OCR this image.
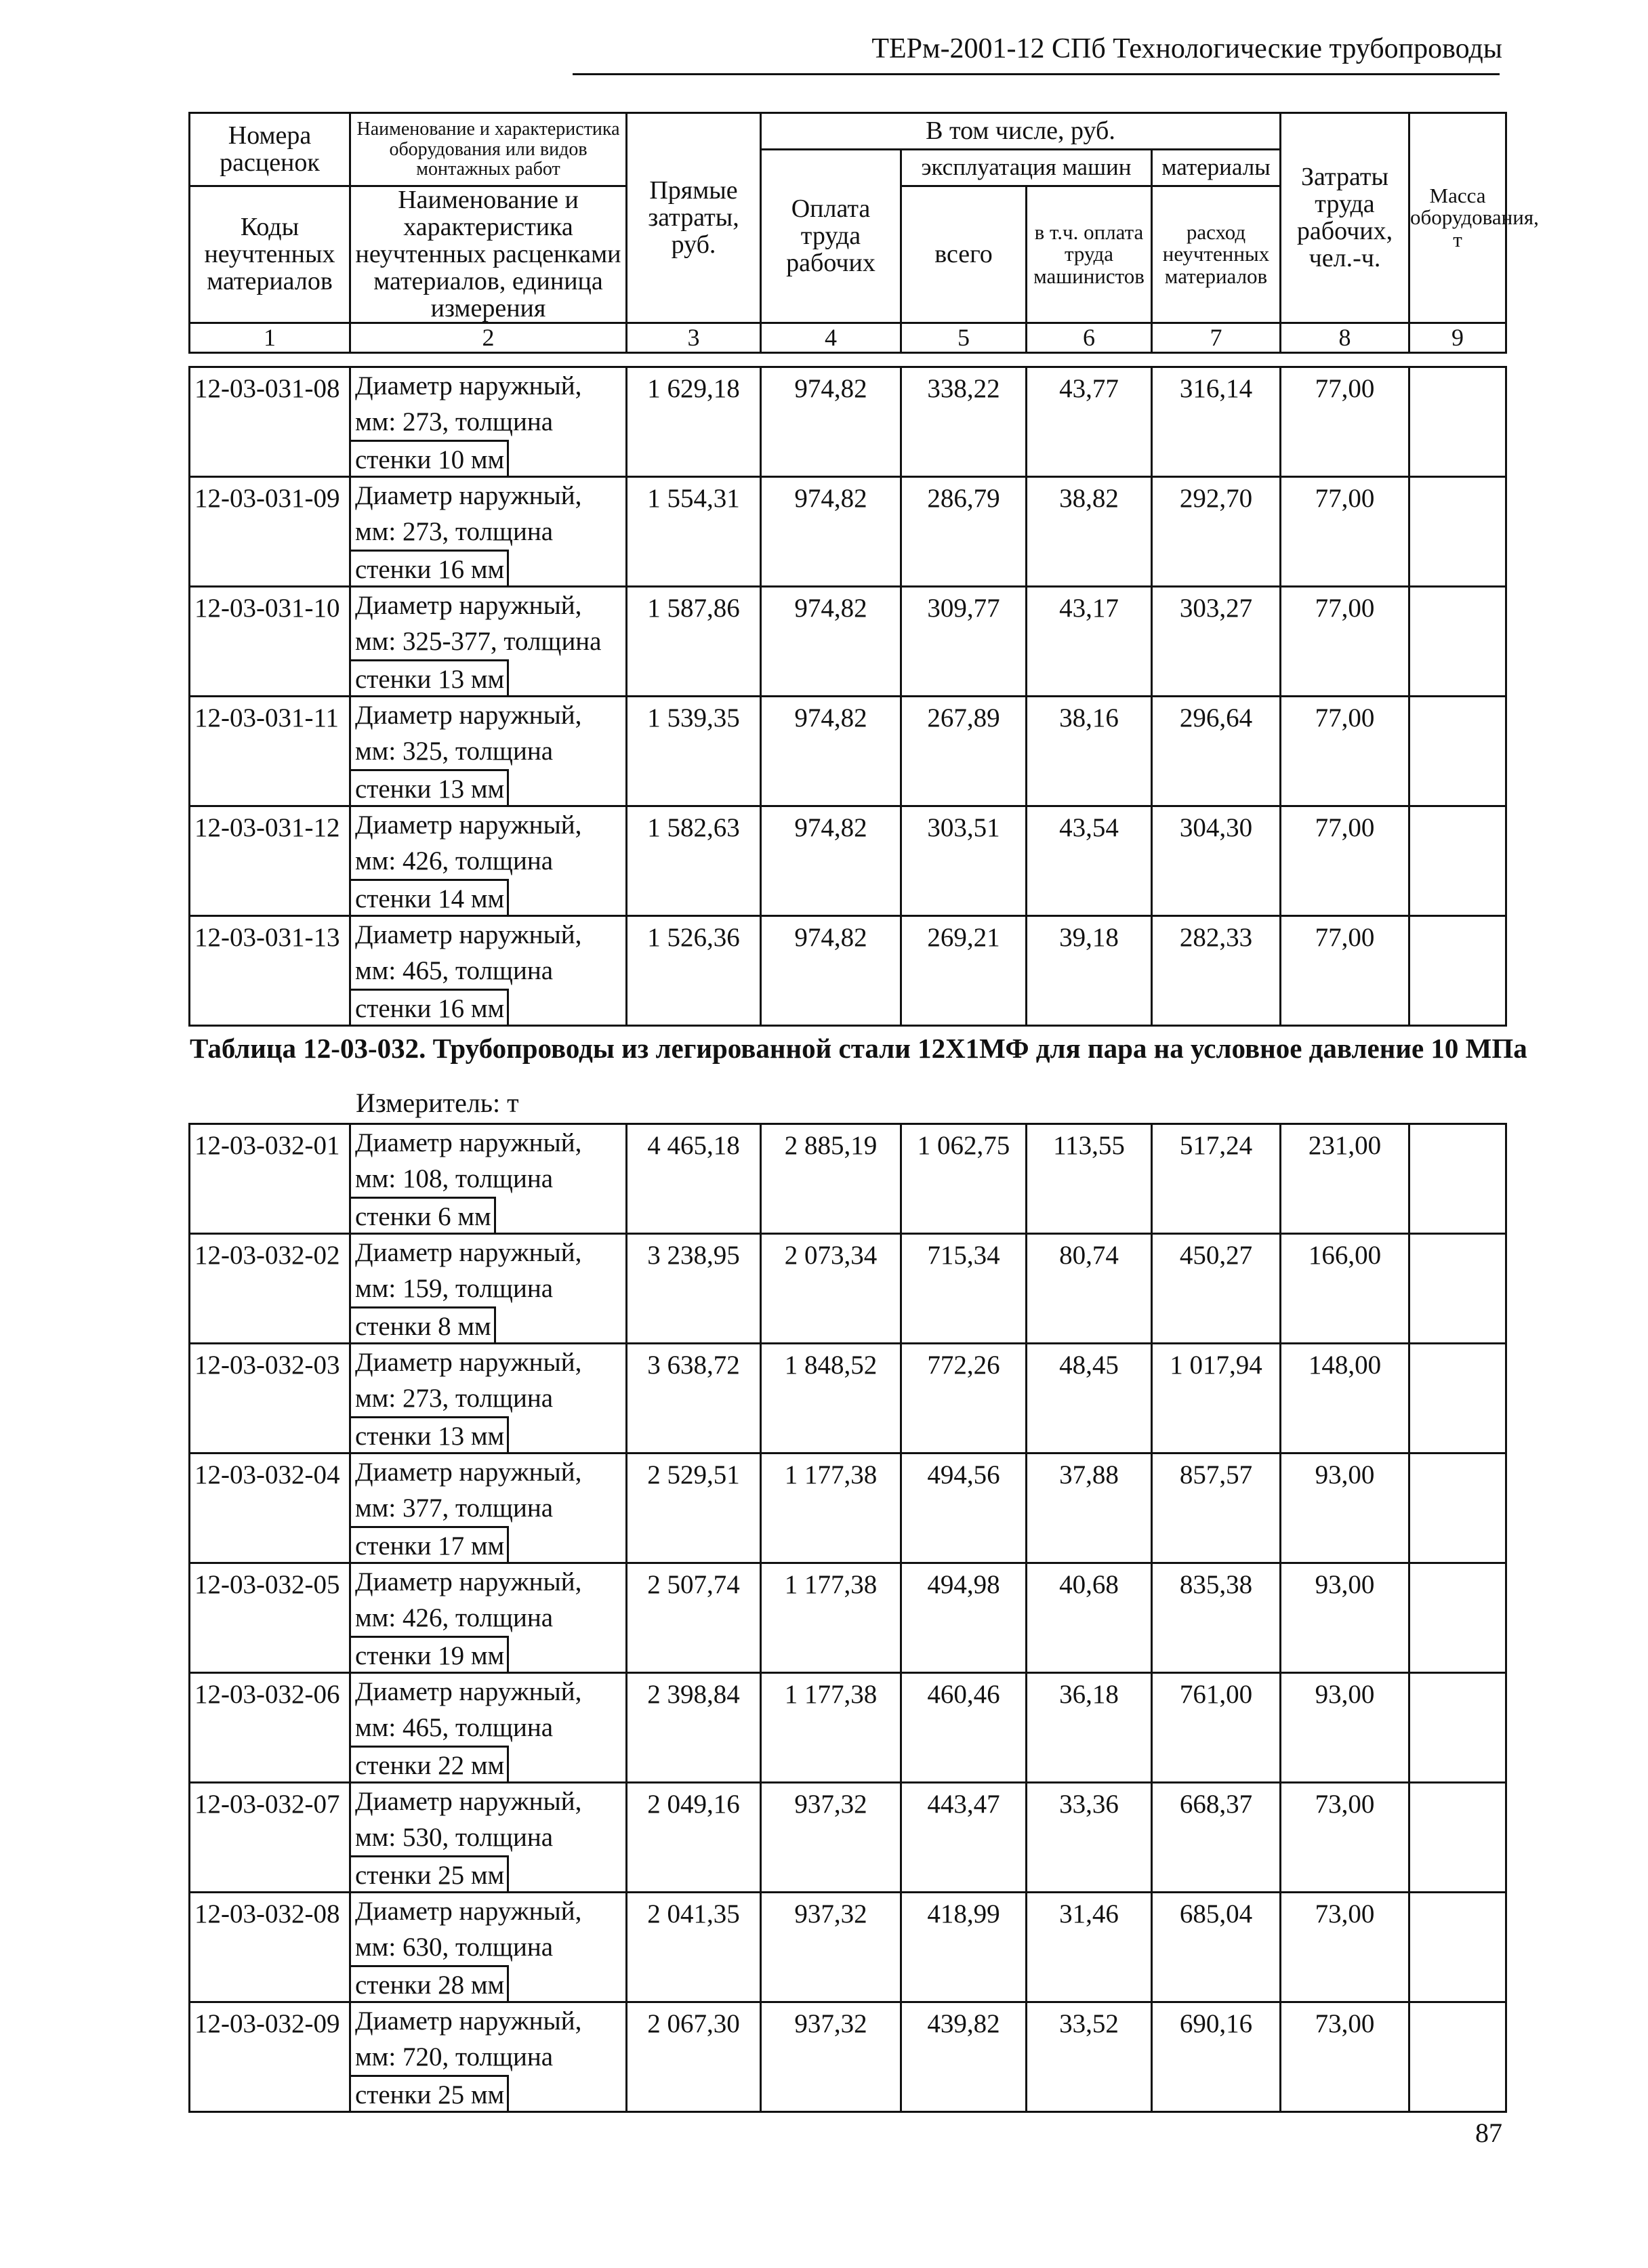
ТЕРм-2001-12 СПб Технологические трубопроводы
Номера расценок	Наименование и характеристика оборудования или видов монтажных работ	Прямые затраты, руб.	В том числе, руб.				Затраты труда рабочих, чел.-ч.	Масса оборудования, т
			Оплата труда рабочих	эксплуатация машин		материалы		
Коды неучтенных материалов	Наименование и характеристика неучтенных расценками материалов, единица измерения			всего	в т.ч. оплата труда машинистов	расход неучтенных материалов		

1	2	3	4	5	6	7	8	9
12-03-031-08	Диаметр наружный,
мм: 273, толщина
стенки 10 мм	1 629,18	974,82	338,22	43,77	316,14	77,00	
12-03-031-09	Диаметр наружный,
мм: 273, толщина
стенки 16 мм	1 554,31	974,82	286,79	38,82	292,70	77,00	
12-03-031-10	Диаметр наружный,
мм: 325-377, толщина
стенки 13 мм	1 587,86	974,82	309,77	43,17	303,27	77,00	
12-03-031-11	Диаметр наружный,
мм: 325, толщина
стенки 13 мм	1 539,35	974,82	267,89	38,16	296,64	77,00	
12-03-031-12	Диаметр наружный,
мм: 426, толщина
стенки 14 мм	1 582,63	974,82	303,51	43,54	304,30	77,00	
12-03-031-13	Диаметр наружный,
мм: 465, толщина
стенки 16 мм	1 526,36	974,82	269,21	39,18	282,33	77,00	
Таблица 12-03-032. Трубопроводы из легированной стали 12Х1МФ для пара на условное давление 10 МПа
Измеритель: т
12-03-032-01	Диаметр наружный,
мм: 108, толщина
стенки 6 мм	4 465,18	2 885,19	1 062,75	113,55	517,24	231,00	
12-03-032-02	Диаметр наружный,
мм: 159, толщина
стенки 8 мм	3 238,95	2 073,34	715,34	80,74	450,27	166,00	
12-03-032-03	Диаметр наружный,
мм: 273, толщина
стенки 13 мм	3 638,72	1 848,52	772,26	48,45	1 017,94	148,00	
12-03-032-04	Диаметр наружный,
мм: 377, толщина
стенки 17 мм	2 529,51	1 177,38	494,56	37,88	857,57	93,00	
12-03-032-05	Диаметр наружный,
мм: 426, толщина
стенки 19 мм	2 507,74	1 177,38	494,98	40,68	835,38	93,00	
12-03-032-06	Диаметр наружный,
мм: 465, толщина
стенки 22 мм	2 398,84	1 177,38	460,46	36,18	761,00	93,00	
12-03-032-07	Диаметр наружный,
мм: 530, толщина
стенки 25 мм	2 049,16	937,32	443,47	33,36	668,37	73,00	
12-03-032-08	Диаметр наружный,
мм: 630, толщина
стенки 28 мм	2 041,35	937,32	418,99	31,46	685,04	73,00	
12-03-032-09	Диаметр наружный,
мм: 720, толщина
стенки 25 мм	2 067,30	937,32	439,82	33,52	690,16	73,00	
87
